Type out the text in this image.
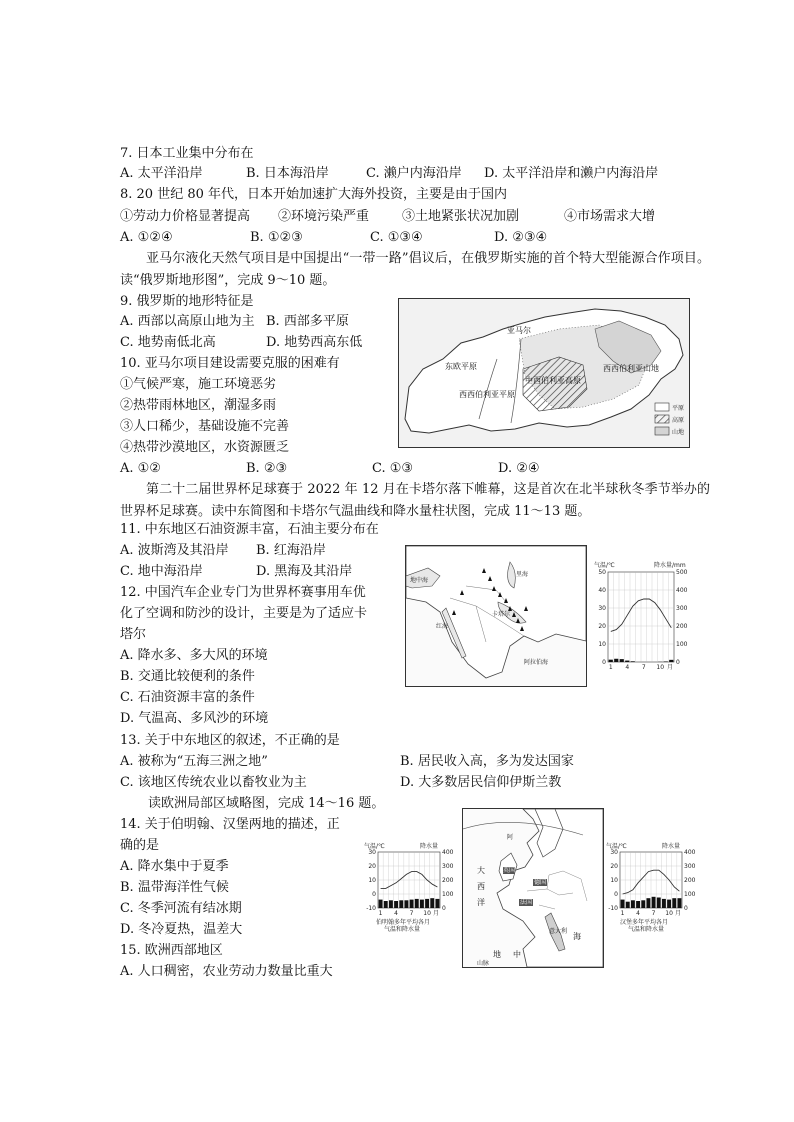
7. 日本工业集中分布在
A. 太平洋沿岸	B. 日本海沿岸	C. 濑户内海沿岸 D. 太平洋沿岸和濑户内海沿岸
8. 20 世纪 80 年代，日本开始加速扩大海外投资，主要是由于国内
①劳动力价格显著提高 ②环境污染严重	③土地紧张状况加剧	④市场需求大增
A. ①②④	B. ①②③	C. ①③④	D. ②③④
亚马尔液化天然气项目是中国提出“一带一路”倡议后，在俄罗斯实施的首个特大型能源合作项目。读“俄罗斯地形图”，完成 9～10 题。
9. 俄罗斯的地形特征是
A. 西部以高原山地为主 B. 西部多平原
C. 地势南低北高	D. 地势西高东低
10. 亚马尔项目建设需要克服的困难有
①气候严寒，施工环境恶劣
②热带雨林地区，潮湿多雨
③人口稀少，基础设施不完善
④热带沙漠地区，水资源匮乏
A. ①②	B. ②③	C. ①③	D. ②④
亚马尔
东欧平原
西西伯利亚平原
中西伯利亚高原
西西伯利亚山地
平原
高原
山地
第二十二届世界杯足球赛于 2022 年 12 月在卡塔尔落下帷幕，这是首次在北半球秋冬季节举办的世界杯足球赛。读中东简图和卡塔尔气温曲线和降水量柱状图，完成 11～13 题。
11. 中东地区石油资源丰富，石油主要分布在
A. 波斯湾及其沿岸 B. 红海沿岸
C. 地中海沿岸	D. 黑海及其沿岸
12. 中国汽车企业专门为世界杯赛事用车优
化了空调和防沙的设计，主要是为了适应卡
塔尔
A. 降水多、多大风的环境
B. 交通比较便利的条件
C. 石油资源丰富的条件
D. 气温高、多风沙的环境
13. 关于中东地区的叙述，不正确的是
A. 被称为“五海三洲之地”	B. 居民收入高，多为发达国家
C. 该地区传统农业以畜牧业为主	D. 大多数居民信仰伊斯兰教
地中海
卡塔尔
阿拉伯海
里海
红海
气温/℃	降水量/mm
50	500
40	400
30	300
20	200
10	100
0	0
1 4 7 10 月
读欧洲局部区域略图，完成 14～16 题。
14. 关于伯明翰、汉堡两地的描述，正
确的是
A. 降水集中于夏季
B. 温带海洋性气候
C. 冬季河流有结冰期
D. 冬冷夏热，温差大
15. 欧洲西部地区
A. 人口稠密，农业劳动力数量比重大
大
西
洋
阿
地 中
海
英国
德国
法国
意大利
山脉
气温/℃	降水量
30	400
20	300
10	200
0	100
-10	0
1 4 7 10 月
伯明翰多年平均各月
气温和降水量
气温/℃	降水量
30	400
20	300
10	200
0	100
-10	0
1 4 7 10 月
汉堡多年平均各月
气温和降水量
